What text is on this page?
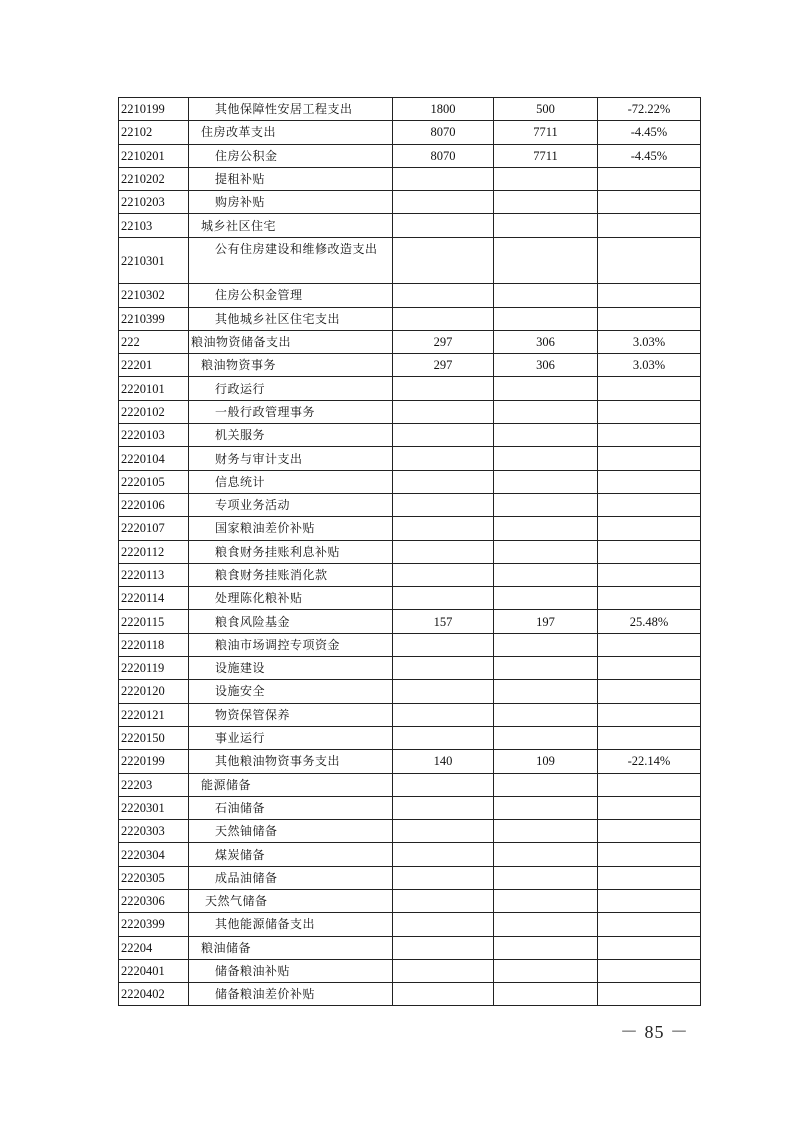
2210199	其他保障性安居工程支出	1800	500	-72.22%
22102	住房改革支出	8070	7711	-4.45%
2210201	住房公积金	8070	7711	-4.45%
2210202	提租补贴			
2210203	购房补贴			
22103	城乡社区住宅			
2210301	公有住房建设和维修改造支出			
2210302	住房公积金管理			
2210399	其他城乡社区住宅支出			
222	粮油物资储备支出	297	306	3.03%
22201	粮油物资事务	297	306	3.03%
2220101	行政运行			
2220102	一般行政管理事务			
2220103	机关服务			
2220104	财务与审计支出			
2220105	信息统计			
2220106	专项业务活动			
2220107	国家粮油差价补贴			
2220112	粮食财务挂账利息补贴			
2220113	粮食财务挂账消化款			
2220114	处理陈化粮补贴			
2220115	粮食风险基金	157	197	25.48%
2220118	粮油市场调控专项资金			
2220119	设施建设			
2220120	设施安全			
2220121	物资保管保养			
2220150	事业运行			
2220199	其他粮油物资事务支出	140	109	-22.14%
22203	能源储备			
2220301	石油储备			
2220303	天然铀储备			
2220304	煤炭储备			
2220305	成品油储备			
2220306	天然气储备			
2220399	其他能源储备支出			
22204	粮油储备			
2220401	储备粮油补贴			
2220402	储备粮油差价补贴			
－ 85 －
